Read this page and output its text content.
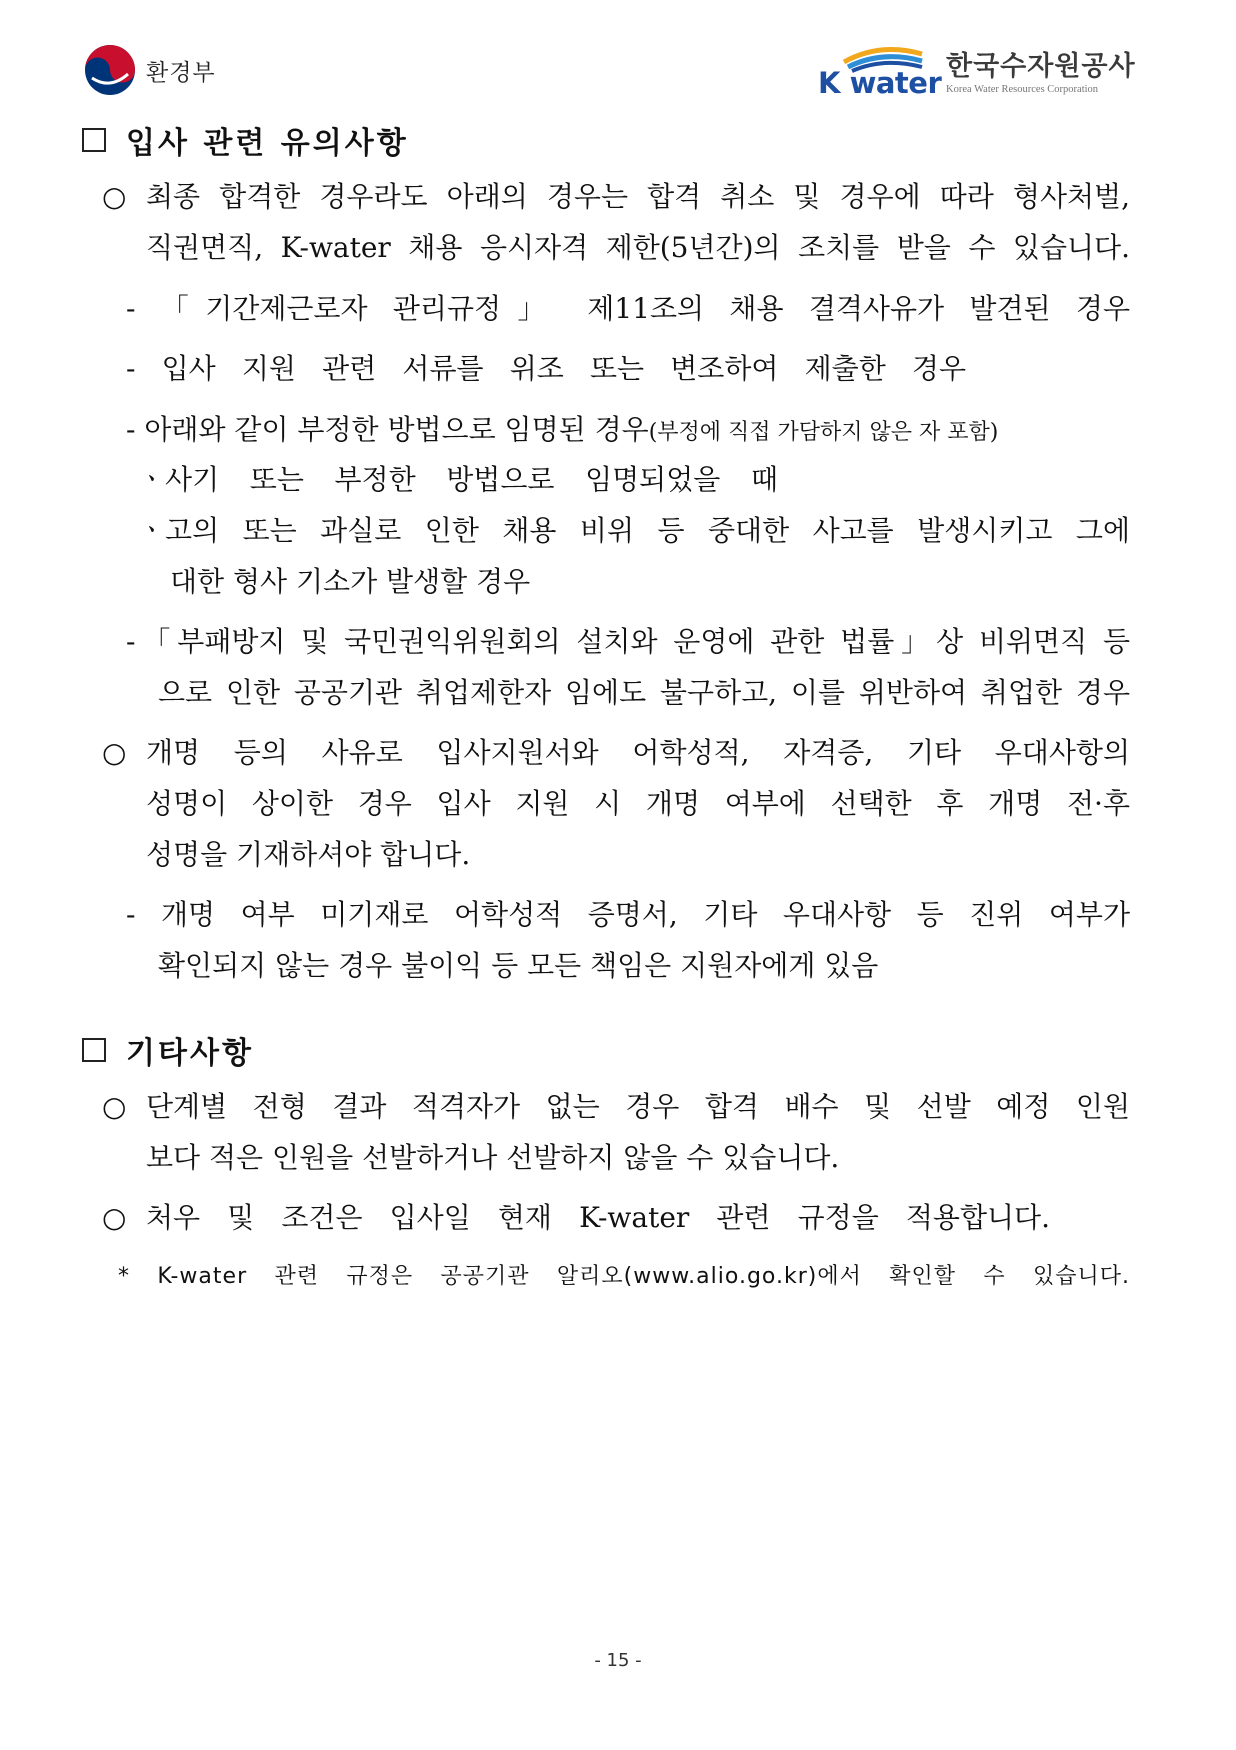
환경부	K water 한국수자원공사
Korea Water Resources Corporation
입사 관련 유의사항
○ 최종 합격한 경우라도 아래의 경우는 합격 취소 및 경우에 따라 형사처벌,
직권면직, K-water 채용 응시자격 제한(5년간)의 조치를 받을 수 있습니다.
- 「기간제근로자 관리규정」 제11조의 채용 결격사유가 발견된 경우
- 입사 지원 관련 서류를 위조 또는 변조하여 제출한 경우
- 아래와 같이 부정한 방법으로 임명된 경우(부정에 직접 가담하지 않은 자 포함)
ㆍ사기 또는 부정한 방법으로 임명되었을 때
ㆍ고의 또는 과실로 인한 채용 비위 등 중대한 사고를 발생시키고 그에
대한 형사 기소가 발생할 경우
-「부패방지 및 국민권익위원회의 설치와 운영에 관한 법률」상 비위면직 등
으로 인한 공공기관 취업제한자 임에도 불구하고, 이를 위반하여 취업한 경우
○ 개명 등의 사유로 입사지원서와 어학성적, 자격증, 기타 우대사항의
성명이 상이한 경우 입사 지원 시 개명 여부에 선택한 후 개명 전·후
성명을 기재하셔야 합니다.
- 개명 여부 미기재로 어학성적 증명서, 기타 우대사항 등 진위 여부가
확인되지 않는 경우 불이익 등 모든 책임은 지원자에게 있음
기타사항
○ 단계별 전형 결과 적격자가 없는 경우 합격 배수 및 선발 예정 인원
보다 적은 인원을 선발하거나 선발하지 않을 수 있습니다.
○ 처우 및 조건은 입사일 현재 K-water 관련 규정을 적용합니다.
* K-water 관련 규정은 공공기관 알리오(www.alio.go.kr)에서 확인할 수 있습니다.
- 15 -
